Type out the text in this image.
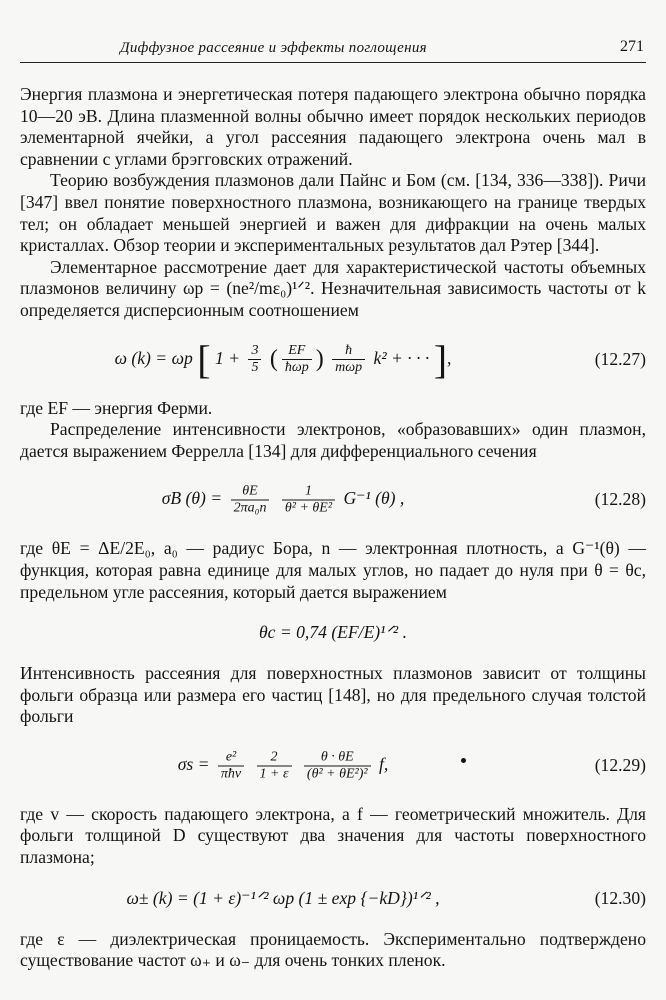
Диффузное рассеяние и эффекты поглощения	271

Энергия плазмона и энергетическая потеря падающего электрона обычно порядка 10—20 эВ. Длина плазменной волны обычно имеет порядок нескольких периодов элементарной ячейки, а угол рассеяния падающего электрона очень мал в сравнении с углами брэгговских отражений.

Теорию возбуждения плазмонов дали Пайнс и Бом (см. [134, 336—338]). Ричи [347] ввел понятие поверхностного плазмона, возникающего на границе твердых тел; он обладает меньшей энергией и важен для дифракции на очень малых кристаллах. Обзор теории и экспериментальных результатов дал Рэтер [344].

Элементарное рассмотрение дает для характеристической частоты объемных плазмонов величину ωp = (ne²/mε₀)¹ᐟ². Незначительная зависимость частоты от k определяется дисперсионным соотношением

ω (k) = ωp [ $1 + \frac{3}{5}$ ( $\frac{EF}{\text{ħωp}}$ ) $\frac{ħ}{\text{mωp}} k^2$ + · · · ],	(12.27)

где EF — энергия Ферми.

Распределение интенсивности электронов, «образовавших» один плазмон, дается выражением Феррелла [134] для дифференциального сечения

σB $(\theta) = \frac{\theta E}{\text{2πa₀n}}$
$\frac{1}{\text{θ² + θE²}} G^{-1}$ (θ) ,	(12.28)

где θE = ΔE/2E₀, a₀ — радиус Бора, n — электронная плотность, а G⁻¹(θ) — функция, которая равна единице для малых углов, но падает до нуля при θ = θc, предельном угле рассеяния, который дается выражением

θc = 0,74 (EF/E)¹ᐟ² .

Интенсивность рассеяния для поверхностных плазмонов зависит от толщины фольги образца или размера его частиц [148], но для предельного случая толстой фольги

$\sigma s = \frac{\text{e²}}{\text{πħv}}$
$\frac{2}{1 + \varepsilon}$
$\frac{\theta \cdot \theta E}{\text{(θ² + θE²)²}} f$,	(12.29)

где v — скорость падающего электрона, а f — геометрический множитель. Для фольги толщиной D существуют два значения для частоты поверхностного плазмона;

ω± (k) = (1 + ε)⁻¹ᐟ² ωp (1 ± exp {−kD})¹ᐟ² ,	(12.30)

где ε — диэлектрическая проницаемость. Экспериментально подтверждено существование частот ω₊ и ω₋ для очень тонких пленок.
